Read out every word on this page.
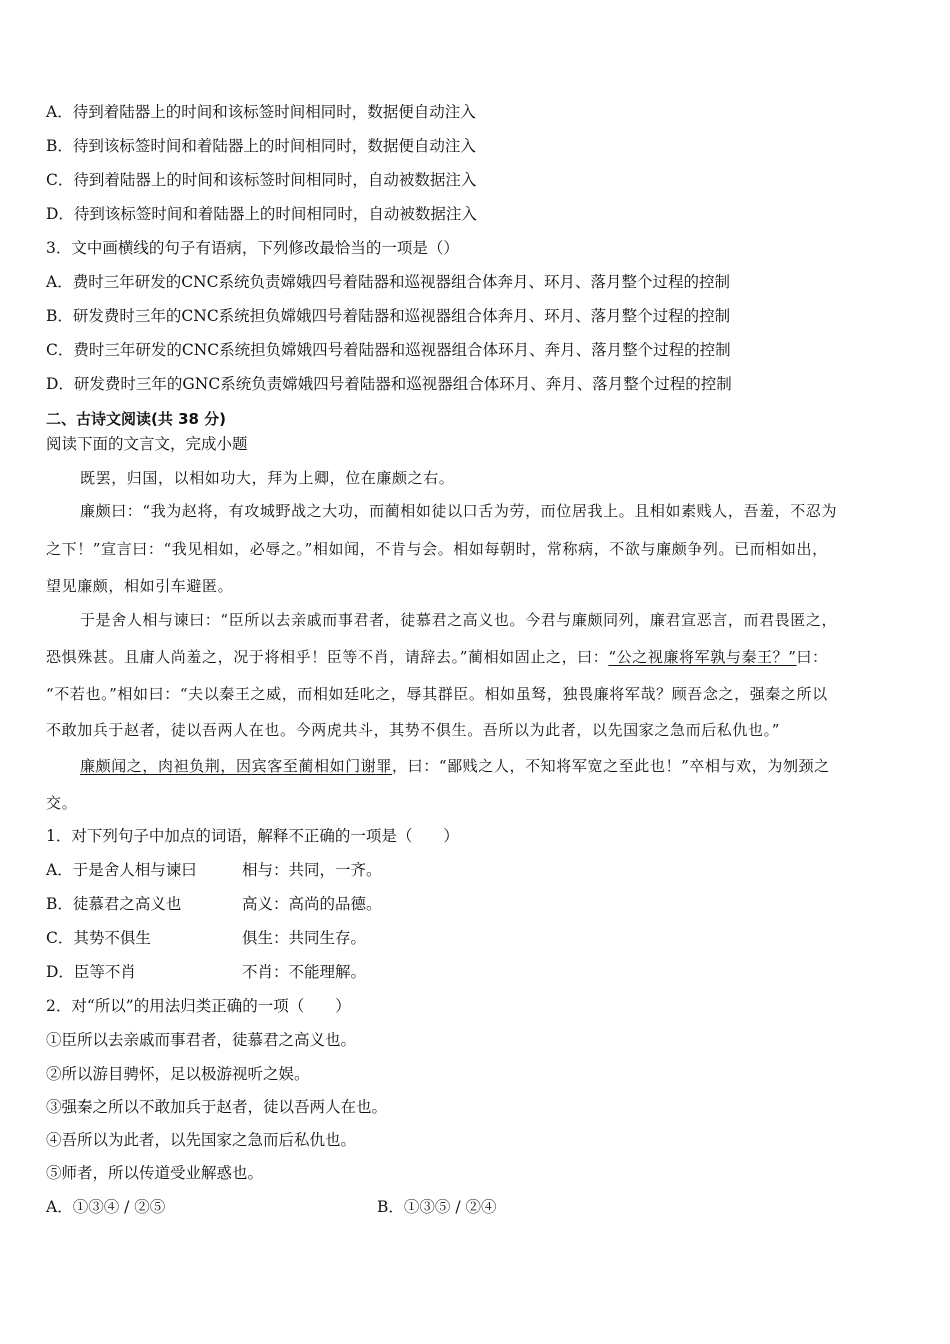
A．待到着陆器上的时间和该标签时间相同时，数据便自动注入
B．待到该标签时间和着陆器上的时间相同时，数据便自动注入
C．待到着陆器上的时间和该标签时间相同时，自动被数据注入
D．待到该标签时间和着陆器上的时间相同时，自动被数据注入
3．文中画横线的句子有语病，下列修改最恰当的一项是（）
A．费时三年研发的CNC系统负责嫦娥四号着陆器和巡视器组合体奔月、环月、落月整个过程的控制
B．研发费时三年的CNC系统担负嫦娥四号着陆器和巡视器组合体奔月、环月、落月整个过程的控制
C．费时三年研发的CNC系统担负嫦娥四号着陆器和巡视器组合体环月、奔月、落月整个过程的控制
D．研发费时三年的GNC系统负责嫦娥四号着陆器和巡视器组合体环月、奔月、落月整个过程的控制
二、古诗文阅读(共 38 分)
阅读下面的文言文，完成小题
既罢，归国，以相如功大，拜为上卿，位在廉颇之右。
廉颇曰：“我为赵将，有攻城野战之大功，而蔺相如徒以口舌为劳，而位居我上。且相如素贱人，吾羞，不忍为
之下！”宣言曰：“我见相如，必辱之。”相如闻，不肯与会。相如每朝时，常称病，不欲与廉颇争列。已而相如出，
望见廉颇，相如引车避匿。
于是舍人相与谏曰：“臣所以去亲戚而事君者，徒慕君之高义也。今君与廉颇同列，廉君宣恶言，而君畏匿之，
恐惧殊甚。且庸人尚羞之，况于将相乎！臣等不肖，请辞去。”蔺相如固止之，曰：“公之视廉将军孰与秦王？”曰：
“不若也。”相如曰：“夫以秦王之威，而相如廷叱之，辱其群臣。相如虽驽，独畏廉将军哉？顾吾念之，强秦之所以
不敢加兵于赵者，徒以吾两人在也。今两虎共斗，其势不俱生。吾所以为此者，以先国家之急而后私仇也。”
廉颇闻之，肉袒负荆，因宾客至蔺相如门谢罪，曰：“鄙贱之人，不知将军宽之至此也！”卒相与欢，为刎颈之
交。
1．对下列句子中加点的词语，解释不正确的一项是（　　）
A．于是舍人相与谏曰	相与：共同，一齐。
B．徒慕君之高义也	高义：高尚的品德。
C．其势不俱生	俱生：共同生存。
D．臣等不肖	不肖：不能理解。
2．对“所以”的用法归类正确的一项（　　）
①臣所以去亲戚而事君者，徒慕君之高义也。
②所以游目骋怀，足以极游视听之娱。
③强秦之所以不敢加兵于赵者，徒以吾两人在也。
④吾所以为此者，以先国家之急而后私仇也。
⑤师者，所以传道受业解惑也。
A．①③④ / ②⑤	B．①③⑤ / ②④
